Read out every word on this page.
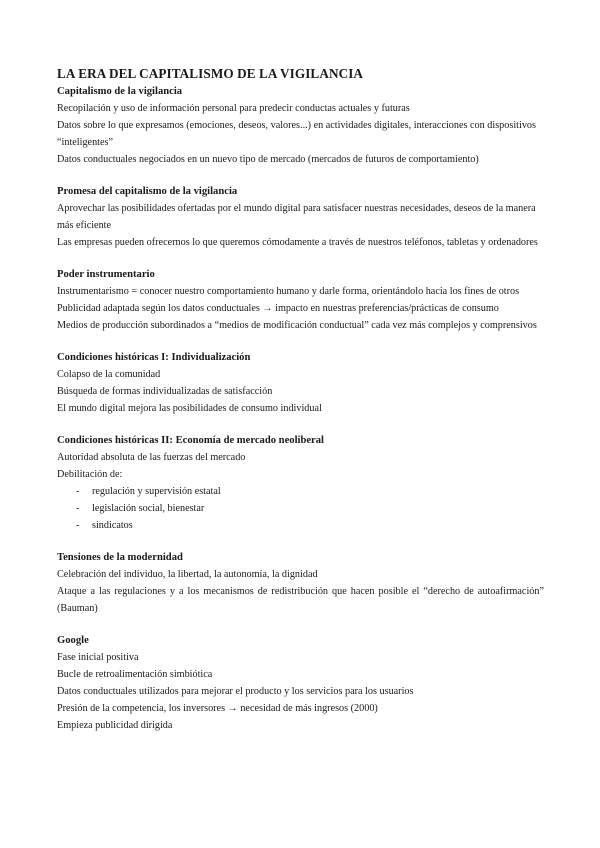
LA ERA DEL CAPITALISMO DE LA VIGILANCIA
Capitalismo de la vigilancia

Recopilación y uso de información personal para predecir conductas actuales y futuras

Datos sobre lo que expresamos (emociones, deseos, valores...) en actividades digitales, interacciones con dispositivos “inteligentes”

Datos conductuales negociados en un nuevo tipo de mercado (mercados de futuros de comportamiento)

Promesa del capitalismo de la vigilancia

Aprovechar las posibilidades ofertadas por el mundo digital para satisfacer nuestras necesidades, deseos de la manera más eficiente

Las empresas pueden ofrecernos lo que queremos cómodamente a través de nuestros teléfonos, tabletas y ordenadores

Poder instrumentario

Instrumentarismo = conocer nuestro comportamiento humano y darle forma, orientándolo hacia los fines de otros

Publicidad adaptada según los datos conductuales → impacto en nuestras preferencias/prácticas de consumo

Medios de producción subordinados a “medios de modificación conductual” cada vez más complejos y comprensivos

Condiciones históricas I: Individualización

Colapso de la comunidad

Búsqueda de formas individualizadas de satisfacción

El mundo digital mejora las posibilidades de consumo individual

Condiciones históricas II: Economía de mercado neoliberal

Autoridad absoluta de las fuerzas del mercado

Debilitación de:

- regulación y supervisión estatal
- legislación social, bienestar
- sindicatos
Tensiones de la modernidad

Celebración del individuo, la libertad, la autonomía, la dignidad

Ataque a las regulaciones y a los mecanismos de redistribución que hacen posible el “derecho de autoafirmación” (Bauman)

Google

Fase inicial positiva

Bucle de retroalimentación simbiótica

Datos conductuales utilizados para mejorar el producto y los servicios para los usuarios

Presión de la competencia, los inversores → necesidad de más ingresos (2000)

Empieza publicidad dirigida
